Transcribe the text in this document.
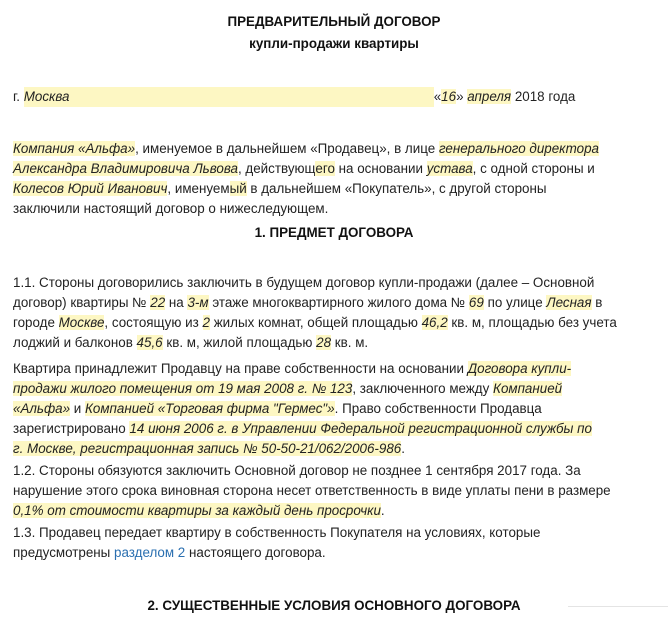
ПРЕДВАРИТЕЛЬНЫЙ ДОГОВОР
купли-продажи квартиры
г. Москва	«16» апреля 2018 года
Компания «Альфа», именуемое в дальнейшем «Продавец», в лице генерального директора
Александра Владимировича Львова, действующего на основании устава, с одной стороны и
Колесов Юрий Иванович, именуемый в дальнейшем «Покупатель», с другой стороны
заключили настоящий договор о нижеследующем.
1. ПРЕДМЕТ ДОГОВОРА
1.1. Стороны договорились заключить в будущем договор купли-продажи (далее – Основной
договор) квартиры № 22 на 3-м этаже многоквартирного жилого дома № 69 по улице Лесная в
городе Москве, состоящую из 2 жилых комнат, общей площадью 46,2 кв. м, площадью без учета
лоджий и балконов 45,6 кв. м, жилой площадью 28 кв. м.
Квартира принадлежит Продавцу на праве собственности на основании Договора купли-
продажи жилого помещения от 19 мая 2008 г. № 123, заключенного между Компанией
«Альфа» и Компанией «Торговая фирма "Гермес"». Право собственности Продавца
зарегистрировано 14 июня 2006 г. в Управлении Федеральной регистрационной службы по
г. Москве, регистрационная запись № 50-50-21/062/2006-986.
1.2. Стороны обязуются заключить Основной договор не позднее 1 сентября 2017 года. За
нарушение этого срока виновная сторона несет ответственность в виде уплаты пени в размере
0,1% от стоимости квартиры за каждый день просрочки.
1.3. Продавец передает квартиру в собственность Покупателя на условиях, которые
предусмотрены разделом 2 настоящего договора.
2. СУЩЕСТВЕННЫЕ УСЛОВИЯ ОСНОВНОГО ДОГОВОРА
